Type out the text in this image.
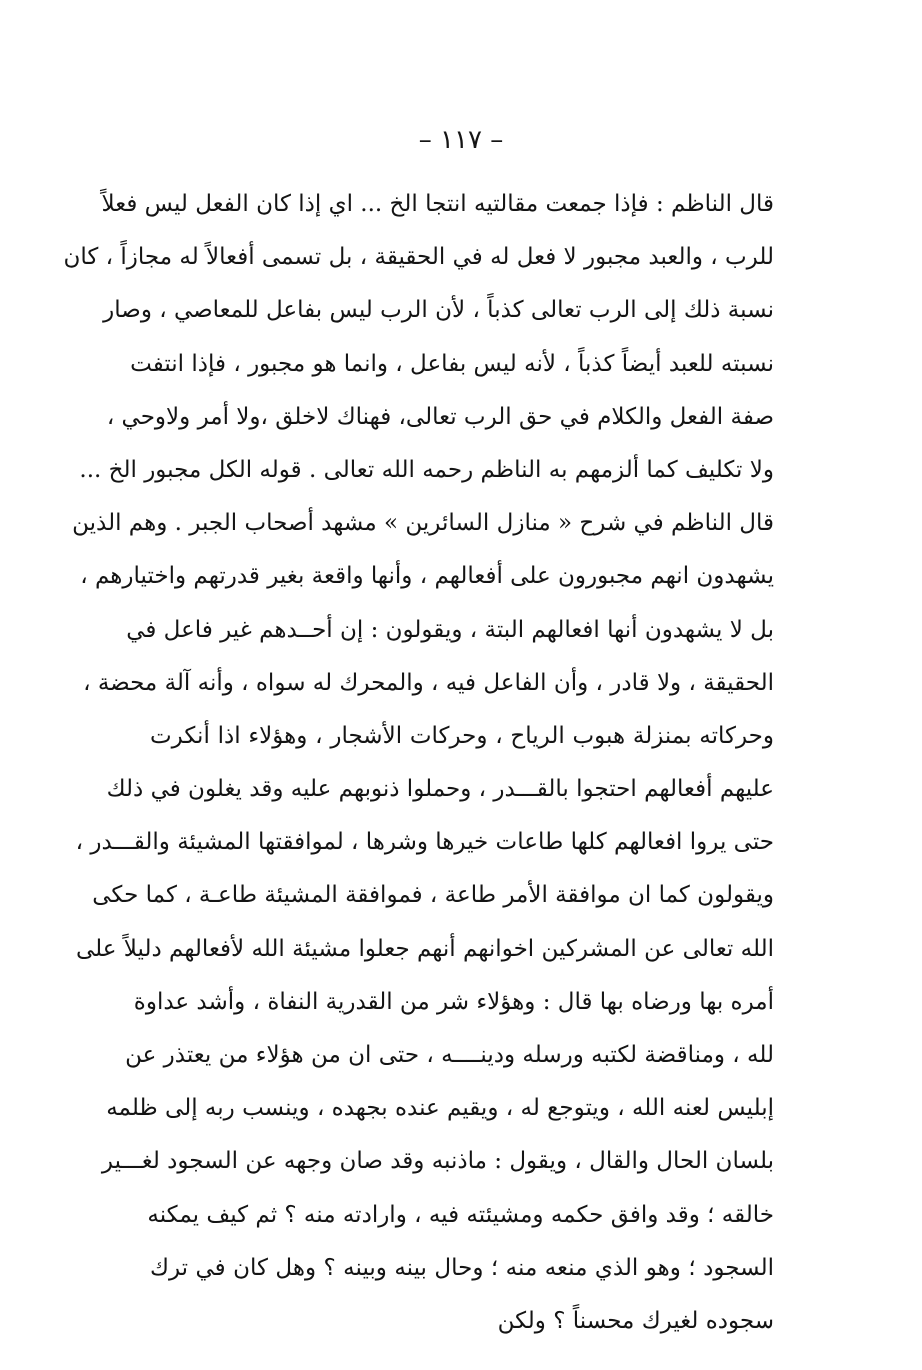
– ١١٧ –
قال الناظم : فإذا جمعت مقالتيه انتجا الخ ... اي إذا كان الفعل ليس فعلاً
للرب ، والعبد مجبور لا فعل له في الحقيقة ، بل تسمى أفعالاً له مجازاً ، كان
نسبة ذلك إلى الرب تعالى كذباً ، لأن الرب ليس بفاعل للمعاصي ، وصار
نسبته للعبد أيضاً كذباً ، لأنه ليس بفاعل ، وانما هو مجبور ، فإذا انتفت
صفة الفعل والكلام في حق الرب تعالى، فهناك لاخلق ،ولا أمر ولاوحي ،
ولا تكليف كما ألزمهم به الناظم رحمه الله تعالى . قوله الكل مجبور الخ ...
قال الناظم في شرح « منازل السائرين » مشهد أصحاب الجبر . وهم الذين
يشهدون انهم مجبورون على أفعالهم ، وأنها واقعة بغير قدرتهم واختيارهم ،
بل لا يشهدون أنها افعالهم البتة ، ويقولون : إن أحــدهم غير فاعل في
الحقيقة ، ولا قادر ، وأن الفاعل فيه ، والمحرك له سواه ، وأنه آلة محضة ،
وحركاته بمنزلة هبوب الرياح ، وحركات الأشجار ، وهؤلاء اذا أنكرت
عليهم أفعالهم احتجوا بالقـــدر ، وحملوا ذنوبهم عليه وقد يغلون في ذلك
حتى يروا افعالهم كلها طاعات خيرها وشرها ، لموافقتها المشيئة والقـــدر ،
ويقولون كما ان موافقة الأمر طاعة ، فموافقة المشيئة طاعـة ، كما حكى
الله تعالى عن المشركين اخوانهم أنهم جعلوا مشيئة الله لأفعالهم دليلاً على
أمره بها ورضاه بها قال : وهؤلاء شر من القدرية النفاة ، وأشد عداوة
لله ، ومناقضة لكتبه ورسله ودينــــه ، حتى ان من هؤلاء من يعتذر عن
إبليس لعنه الله ، ويتوجع له ، ويقيم عنده بجهده ، وينسب ربه إلى ظلمه
بلسان الحال والقال ، ويقول : ماذنبه وقد صان وجهه عن السجود لغـــير
خالقه ؛ وقد وافق حكمه ومشيئته فيه ، وارادته منه ؟ ثم كيف يمكنه
السجود ؛ وهو الذي منعه منه ؛ وحال بينه وبينه ؟ وهل كان في ترك
سجوده لغيرك محسناً ؟ ولكن
